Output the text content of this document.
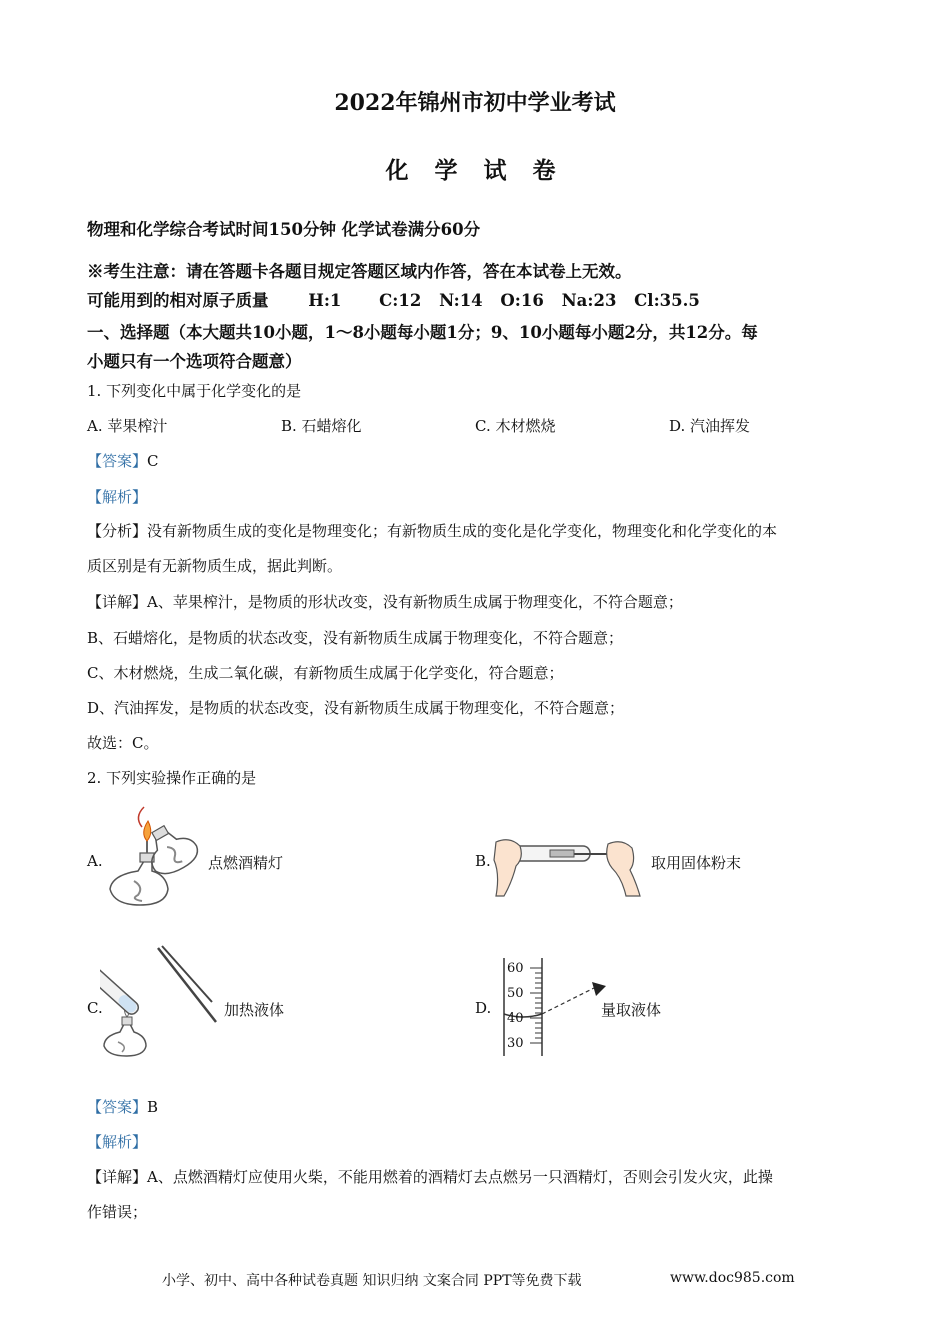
2022年锦州市初中学业考试
化 学 试 卷
物理和化学综合考试时间150分钟 化学试卷满分60分
※考生注意：请在答题卡各题目规定答题区域内作答，答在本试卷上无效。
可能用到的相对原子质量 H:1 C:12 N:14 O:16 Na:23 Cl:35.5
一、选择题（本大题共10小题，1～8小题每小题1分；9、10小题每小题2分，共12分。每
小题只有一个选项符合题意）
1. 下列变化中属于化学变化的是
A. 苹果榨汁	B. 石蜡熔化	C. 木材燃烧	D. 汽油挥发
【答案】C
【解析】
【分析】没有新物质生成的变化是物理变化；有新物质生成的变化是化学变化，物理变化和化学变化的本
质区别是有无新物质生成，据此判断。
【详解】A、苹果榨汁，是物质的形状改变，没有新物质生成属于物理变化，不符合题意；
B、石蜡熔化，是物质的状态改变，没有新物质生成属于物理变化，不符合题意；
C、木材燃烧，生成二氧化碳，有新物质生成属于化学变化，符合题意；
D、汽油挥发，是物质的状态改变，没有新物质生成属于物理变化，不符合题意；
故选：C。
2. 下列实验操作正确的是
A.	点燃酒精灯	B.	取用固体粉末
C.	加热液体	D.
60
50
40
30
量取液体
【答案】B
【解析】
【详解】A、点燃酒精灯应使用火柴，不能用燃着的酒精灯去点燃另一只酒精灯，否则会引发火灾，此操
作错误；
小学、初中、高中各种试卷真题 知识归纳 文案合同 PPT等免费下载	www.doc985.com
